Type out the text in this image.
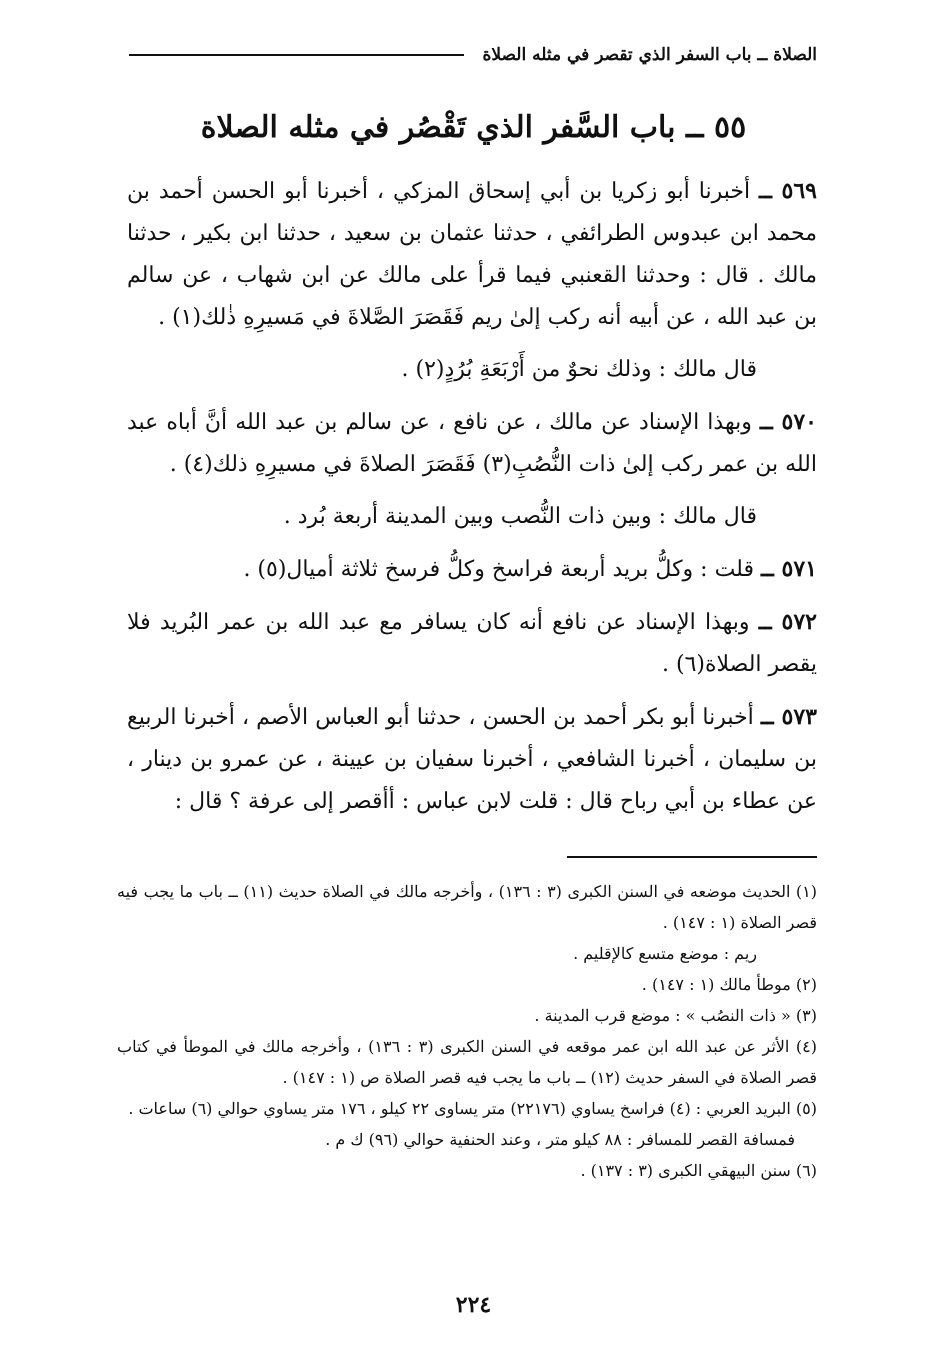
الصلاة ــ باب السفر الذي تقصر في مثله الصلاة
٥٥ ــ باب السَّفر الذي تَقْصُر في مثله الصلاة

٥٦٩ ــ أخبرنا أبو زكريا بن أبي إسحاق المزكي ، أخبرنا أبو الحسن أحمد بن محمد ابن عبدوس الطرائفي ، حدثنا عثمان بن سعيد ، حدثنا ابن بكير ، حدثنا مالك . قال : وحدثنا القعنبي فيما قرأ على مالك عن ابن شهاب ، عن سالم بن عبد الله ، عن أبيه أنه ركب إلىٰ ريم فَقَصَرَ الصَّلاةَ في مَسيرِهِ ذٰلك(١) .

قال مالك : وذلك نحوٌ من أَرْبَعَةِ بُرُدٍ(٢) .

٥٧٠ ــ وبهذا الإسناد عن مالك ، عن نافع ، عن سالم بن عبد الله أنَّ أباه عبد الله بن عمر ركب إلىٰ ذات النُّصُبِ(٣) فَقَصَرَ الصلاةَ في مسيرِهِ ذلك(٤) .

قال مالك : وبين ذات النُّصب وبين المدينة أربعة بُرد .

٥٧١ ــ قلت : وكلُّ بريد أربعة فراسخ وكلُّ فرسخ ثلاثة أميال(٥) .

٥٧٢ ــ وبهذا الإسناد عن نافع أنه كان يسافر مع عبد الله بن عمر البُريد فلا يقصر الصلاة(٦) .

٥٧٣ ــ أخبرنا أبو بكر أحمد بن الحسن ، حدثنا أبو العباس الأصم ، أخبرنا الربيع بن سليمان ، أخبرنا الشافعي ، أخبرنا سفيان بن عيينة ، عن عمرو بن دينار ، عن عطاء بن أبي رباح قال : قلت لابن عباس : أأقصر إلى عرفة ؟ قال :

(١) الحديث موضعه في السنن الكبرى (٣ : ١٣٦) ، وأخرجه مالك في الصلاة حديث (١١) ــ باب ما يجب فيه قصر الصلاة (١ : ١٤٧) .

ريم : موضع متسع كالإقليم .

(٢) موطأ مالك (١ : ١٤٧) .

(٣) « ذات النصُب » : موضع قرب المدينة .

(٤) الأثر عن عبد الله ابن عمر موقعه في السنن الكبرى (٣ : ١٣٦) ، وأخرجه مالك في الموطأ في كتاب قصر الصلاة في السفر حديث (١٢) ــ باب ما يجب فيه قصر الصلاة ص (١ : ١٤٧) .

(٥) البريد العربي : (٤) فراسخ يساوي (٢٢١٧٦) متر يساوى ٢٢ كيلو ، ١٧٦ متر يساوي حوالي (٦) ساعات .

فمسافة القصر للمسافر : ٨٨ كيلو متر ، وعند الحنفية حوالي (٩٦) ك م .

(٦) سنن البيهقي الكبرى (٣ : ١٣٧) .

٢٢٤
